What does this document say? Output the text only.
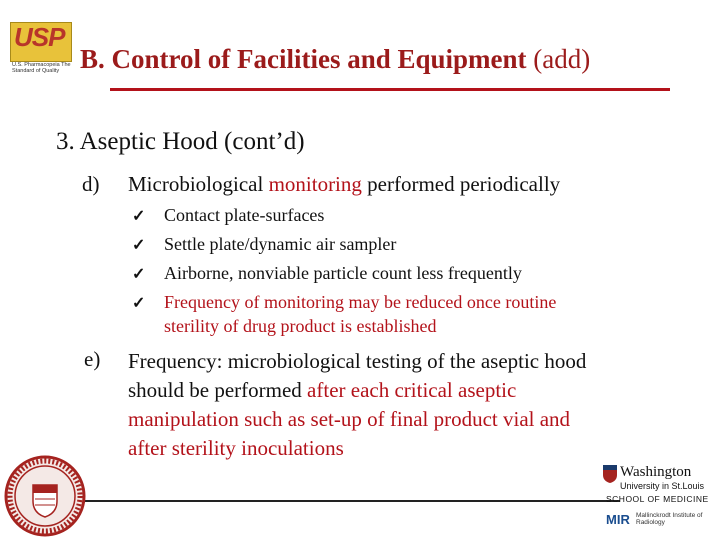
USP
U.S. Pharmacopeia The Standard of Quality B. Control of Facilities and Equipment (add)
3. Aseptic Hood (cont’d)
d) Microbiological monitoring performed periodically
✓ Contact plate-surfaces
✓ Settle plate/dynamic air sampler
✓ Airborne, nonviable particle count less frequently
✓ Frequency of monitoring may be reduced once routine
sterility of drug product is established
e) Frequency: microbiological testing of the aseptic hood
should be performed after each critical aseptic
manipulation such as set-up of final product vial and
after sterility inoculations
Washington
University in St.Louis
SCHOOL OF MEDICINE
MIR Mallinckrodt Institute of Radiology
